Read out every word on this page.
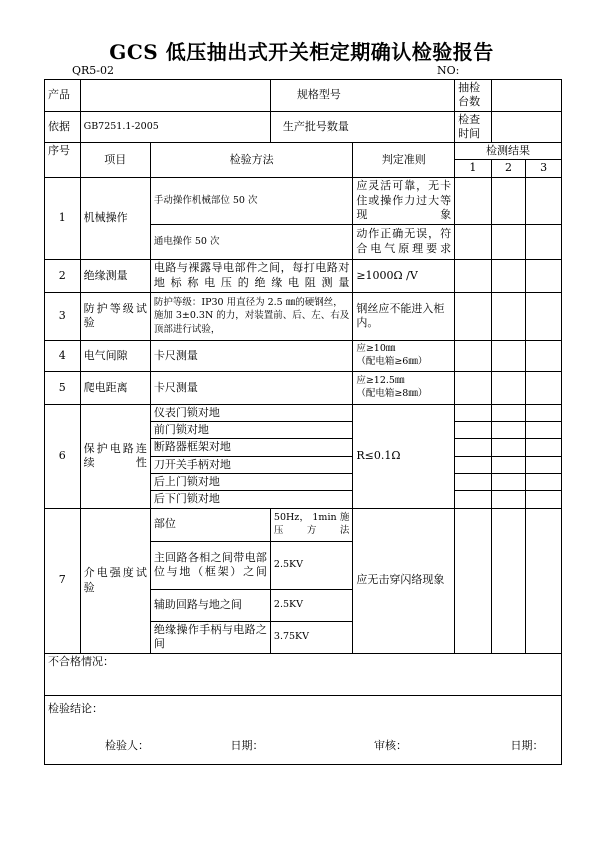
GCS 低压抽出式开关柜定期确认检验报告
QR5-02	NO:
产品			规格型号		抽检台数		
依据	GB7251.1-2005		生产批号数量		检查时间		
序号	项目	检验方法		判定准则	检测结果		
					1	2	3
1	机械操作	手动操作机械部位 50 次		应灵活可靠，无卡住或操作力过大等现象			
		通电操作 50 次		动作正确无误，符合电气原理要求			
2	绝缘测量	电路与裸露导电部件之间，每打电路对地标称电压的绝缘电阻测量		≥1000Ω /V			
3	防护等级试验	防护等级：IP30 用直径为 2.5 ㎜的硬钢丝，施加 3±0.3N 的力，对装置前、后、左、右及顶部进行试验，		钢丝应不能进入柜内。			
4	电气间隙	卡尺测量		应≥10㎜
（配电箱≥6㎜）			

5	爬电距离	卡尺测量		应≥12.5㎜
（配电箱≥8㎜）			

6	保护电路连续性	仪表门锁对地		R≤0.1Ω			
		前门锁对地					
		断路器框架对地					
		刀开关手柄对地					
		后上门锁对地					
		后下门锁对地					
7	介电强度试验	部位	50Hz， 1min 施压方法	应无击穿闪络现象			
		主回路各相之间带电部位与地（框架）之间	2.5KV				
		辅助回路与地之间	2.5KV				
		绝缘操作手柄与电路之间	3.75KV				
不合格情况：							
检验结论：							
检验人：	日期：	审核：	日期：
